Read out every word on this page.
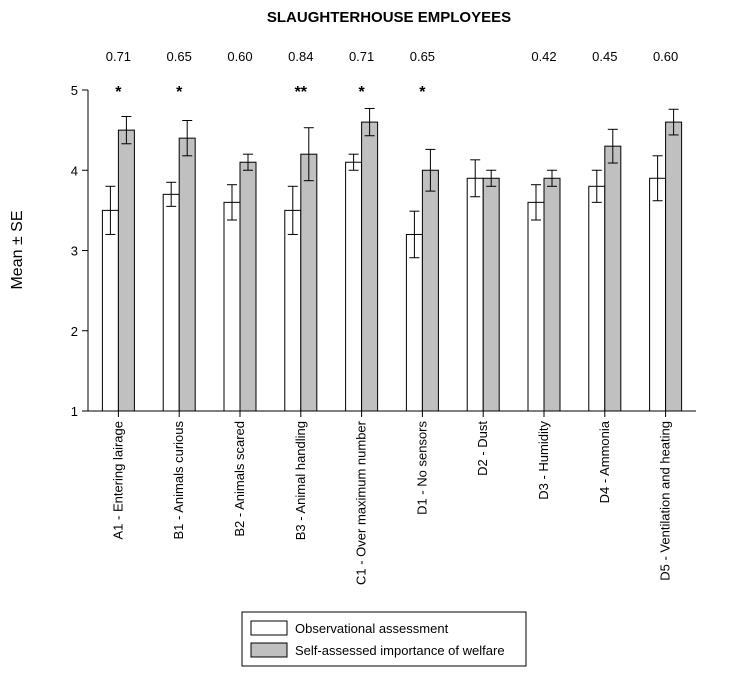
SLAUGHTERHOUSE EMPLOYEES
Mean ± SE
1
2
3
4
5
0.71
*
0.65
*
0.60	0.84
**
0.71
*
0.65
*
0.42	0.45	0.60
A1 - Entering lairage	B1 - Animals curious	B2 - Animals scared	B3 - Animal handling	C1 - Over maximum number	D1 - No sensors	D2 - Dust	D3 - Humidity	D4 - Ammonia	D5 - Ventilation and heating
Observational assessment
Self-assessed importance of welfare
